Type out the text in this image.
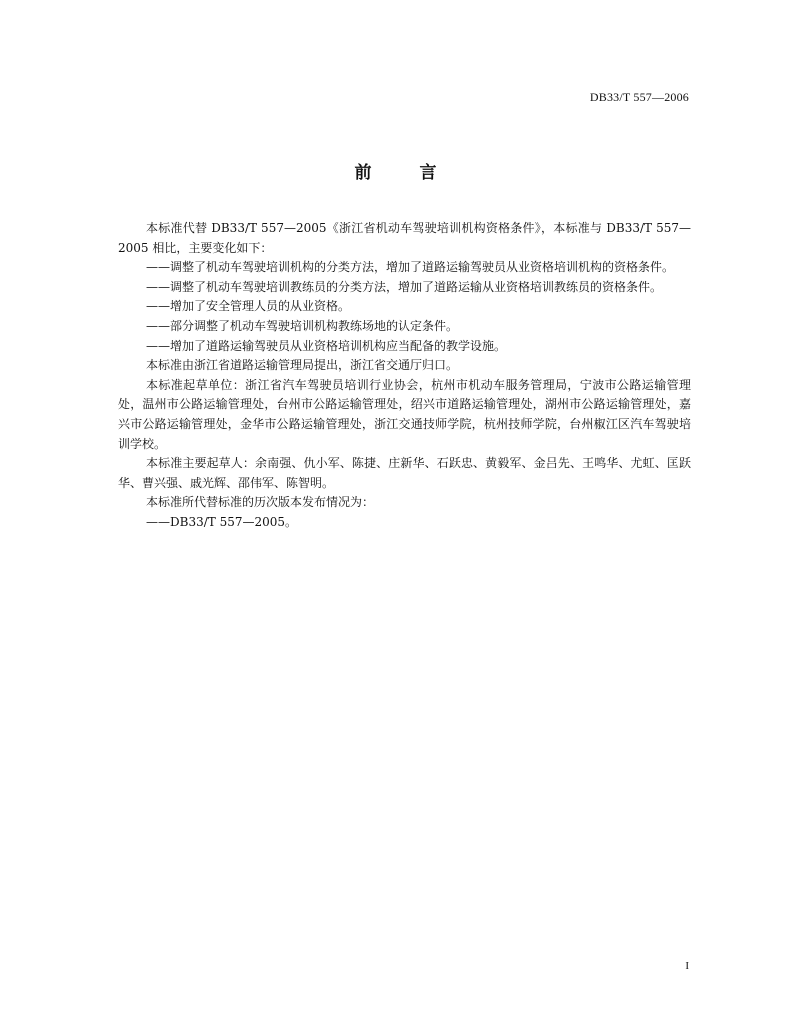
DB33/T 557—2006
前言

本标准代替 DB33/T 557—2005《浙江省机动车驾驶培训机构资格条件》，本标准与 DB33/T 557—2005 相比，主要变化如下：

——调整了机动车驾驶培训机构的分类方法，增加了道路运输驾驶员从业资格培训机构的资格条件。

——调整了机动车驾驶培训教练员的分类方法，增加了道路运输从业资格培训教练员的资格条件。

——增加了安全管理人员的从业资格。

——部分调整了机动车驾驶培训机构教练场地的认定条件。

——增加了道路运输驾驶员从业资格培训机构应当配备的教学设施。

本标准由浙江省道路运输管理局提出，浙江省交通厅归口。

本标准起草单位：浙江省汽车驾驶员培训行业协会，杭州市机动车服务管理局，宁波市公路运输管理处，温州市公路运输管理处，台州市公路运输管理处，绍兴市道路运输管理处，湖州市公路运输管理处，嘉兴市公路运输管理处，金华市公路运输管理处，浙江交通技师学院，杭州技师学院，台州椒江区汽车驾驶培训学校。

本标准主要起草人：余南强、仇小军、陈捷、庄新华、石跃忠、黄毅军、金吕先、王鸣华、尤虹、匡跃华、曹兴强、戚光辉、邵伟军、陈智明。

本标准所代替标准的历次版本发布情况为：

——DB33/T 557—2005。

I
